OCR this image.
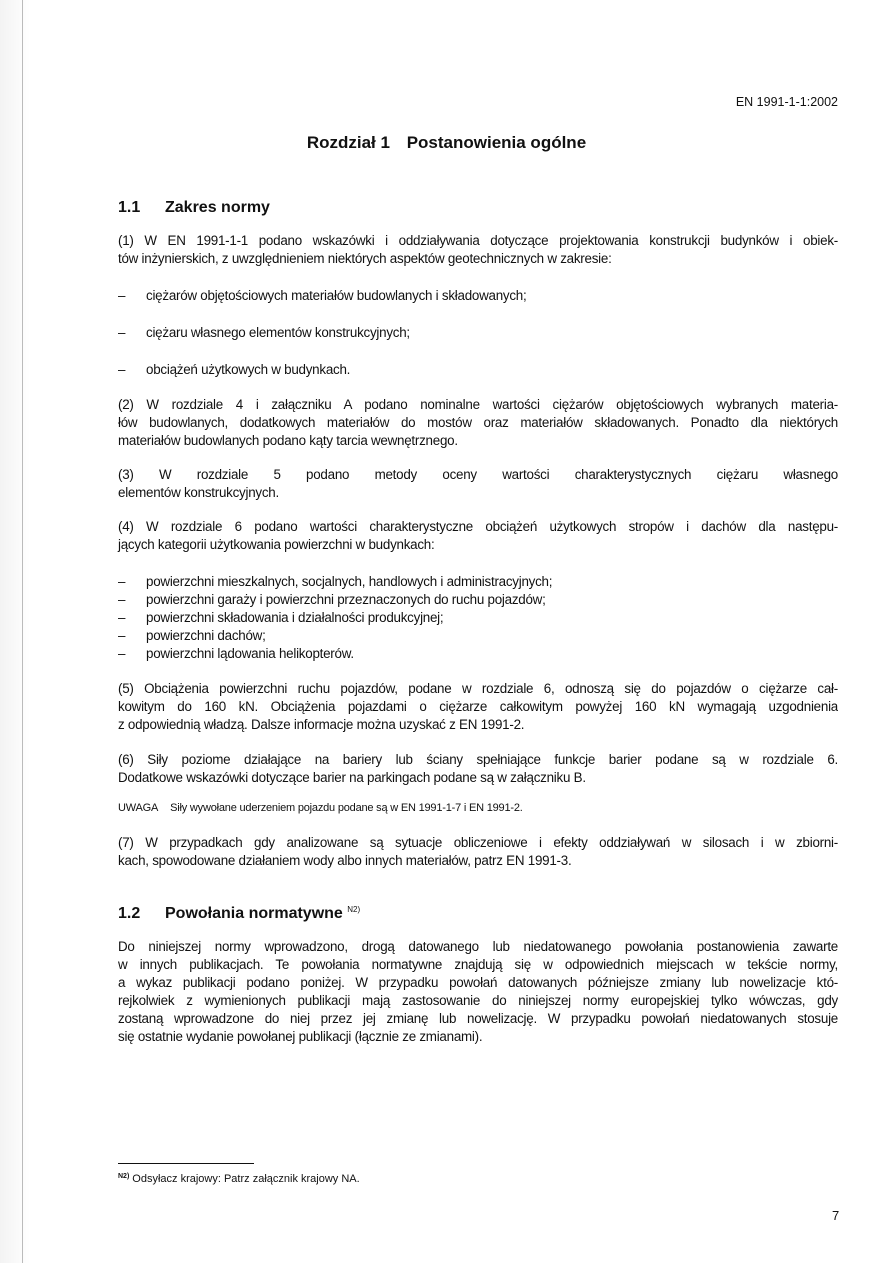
EN 1991-1-1:2002
Rozdział 1 Postanowienia ogólne
1.1 Zakres normy
(1) W EN 1991-1-1 podano wskazówki i oddziaływania dotyczące projektowania konstrukcji budynków i obiek-
tów inżynierskich, z uwzględnieniem niektórych aspektów geotechnicznych w zakresie:
– ciężarów objętościowych materiałów budowlanych i składowanych;
– ciężaru własnego elementów konstrukcyjnych;
– obciążeń użytkowych w budynkach.
(2) W rozdziale 4 i załączniku A podano nominalne wartości ciężarów objętościowych wybranych materia-
łów budowlanych, dodatkowych materiałów do mostów oraz materiałów składowanych. Ponadto dla niektórych
materiałów budowlanych podano kąty tarcia wewnętrznego.
(3) W rozdziale 5 podano metody oceny wartości charakterystycznych ciężaru własnego
elementów konstrukcyjnych.
(4) W rozdziale 6 podano wartości charakterystyczne obciążeń użytkowych stropów i dachów dla następu-
jących kategorii użytkowania powierzchni w budynkach:
– powierzchni mieszkalnych, socjalnych, handlowych i administracyjnych;
– powierzchni garaży i powierzchni przeznaczonych do ruchu pojazdów;
– powierzchni składowania i działalności produkcyjnej;
– powierzchni dachów;
– powierzchni lądowania helikopterów.
(5) Obciążenia powierzchni ruchu pojazdów, podane w rozdziale 6, odnoszą się do pojazdów o ciężarze cał-
kowitym do 160 kN. Obciążenia pojazdami o ciężarze całkowitym powyżej 160 kN wymagają uzgodnienia
z odpowiednią władzą. Dalsze informacje można uzyskać z EN 1991-2.
(6) Siły poziome działające na bariery lub ściany spełniające funkcje barier podane są w rozdziale 6.
Dodatkowe wskazówki dotyczące barier na parkingach podane są w załączniku B.
(7) W przypadkach gdy analizowane są sytuacje obliczeniowe i efekty oddziaływań w silosach i w zbiorni-
kach, spowodowane działaniem wody albo innych materiałów, patrz EN 1991-3.
UWAGA Siły wywołane uderzeniem pojazdu podane są w EN 1991-1-7 i EN 1991-2.
1.2 Powołania normatywne $^{N2)}$
Do niniejszej normy wprowadzono, drogą datowanego lub niedatowanego powołania postanowienia zawarte
w innych publikacjach. Te powołania normatywne znajdują się w odpowiednich miejscach w tekście normy,
a wykaz publikacji podano poniżej. W przypadku powołań datowanych późniejsze zmiany lub nowelizacje któ-
rejkolwiek z wymienionych publikacji mają zastosowanie do niniejszej normy europejskiej tylko wówczas, gdy
zostaną wprowadzone do niej przez jej zmianę lub nowelizację. W przypadku powołań niedatowanych stosuje
się ostatnie wydanie powołanej publikacji (łącznie ze zmianami).
$^{N2)}$ Odsyłacz krajowy: Patrz załącznik krajowy NA.
7
